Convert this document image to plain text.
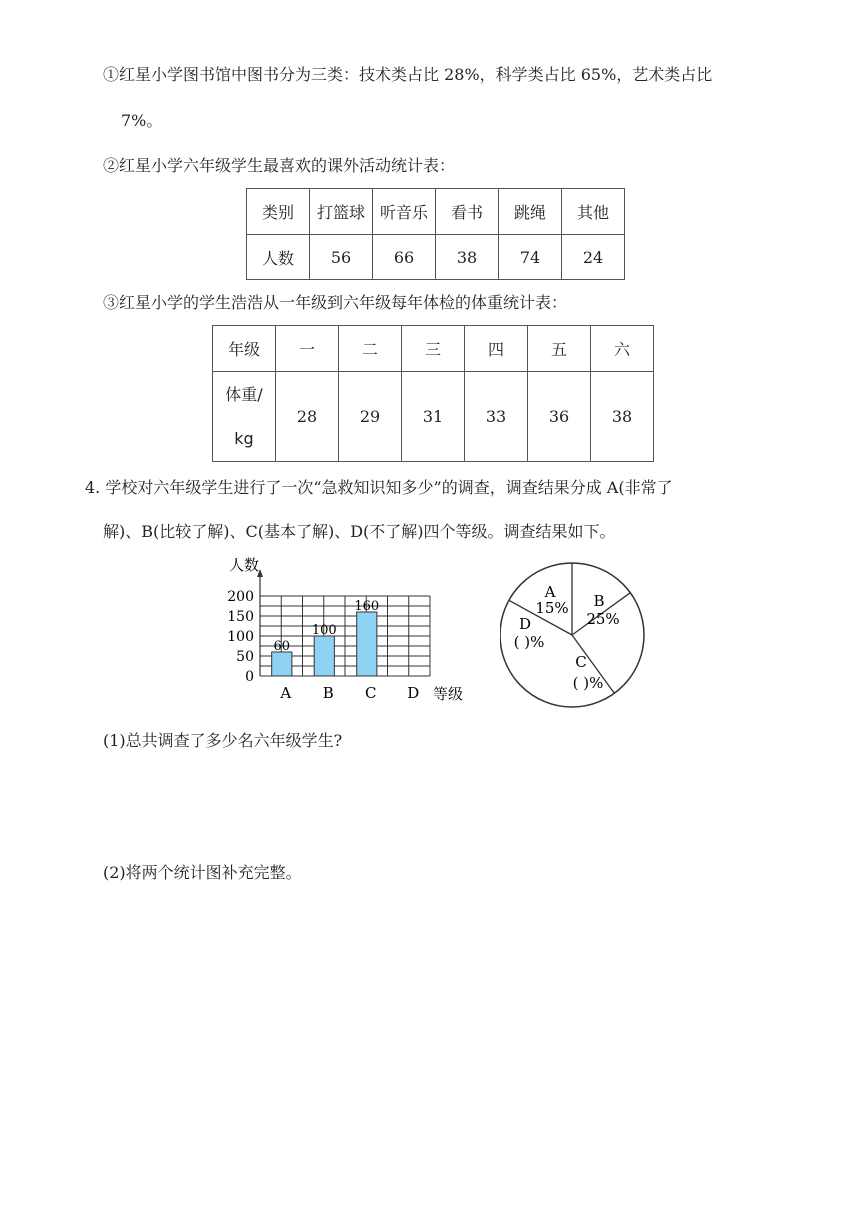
①红星小学图书馆中图书分为三类：技术类占比 28%，科学类占比 65%，艺术类占比
7%。
②红星小学六年级学生最喜欢的课外活动统计表：
类别	打篮球	听音乐	看书	跳绳	其他
人数	56	66	38	74	24
③红星小学的学生浩浩从一年级到六年级每年体检的体重统计表：
年级	一	二	三	四	五	六

体重/
kg	28	29	31	33	36	38
4. 学校对六年级学生进行了一次“急救知识知多少”的调查，调查结果分成 A(非常了
解)、B(比较了解)、C(基本了解)、D(不了解)四个等级。调查结果如下。
60
100
160
0
50
100
150
200
A B C D
人数
等级
A
15% B
25%
C
( )%
D
( )%
(1)总共调查了多少名六年级学生?
(2)将两个统计图补充完整。
